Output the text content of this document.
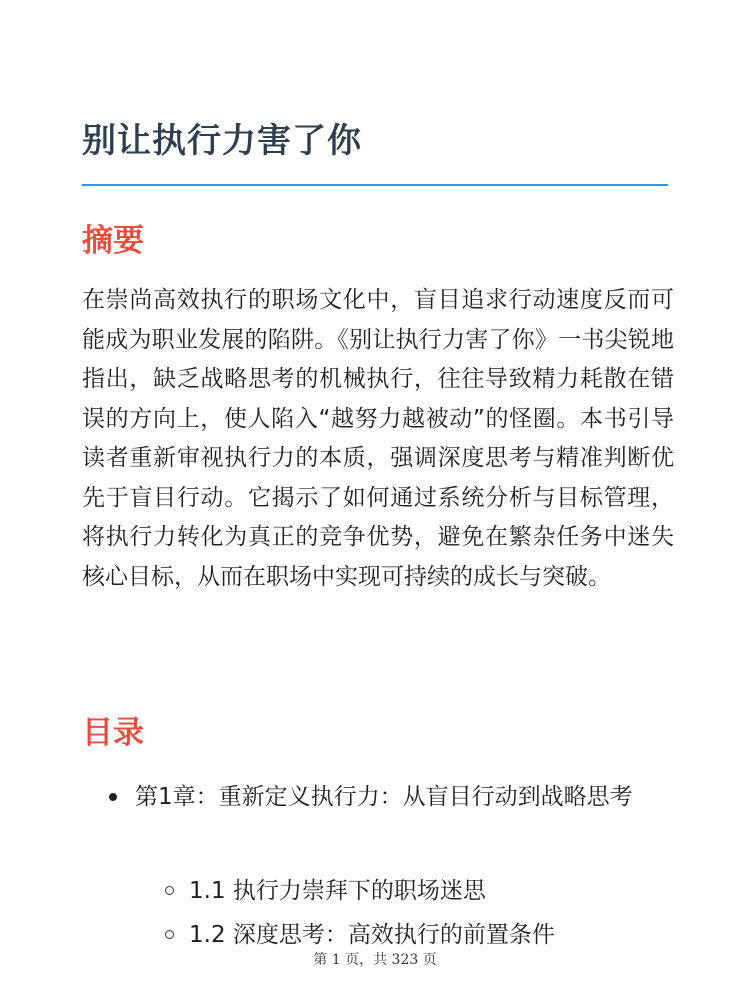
别让执行力害了你
摘要

在崇尚高效执行的职场文化中，盲目追求行动速度反而可能成为职业发展的陷阱。《别让执行力害了你》一书尖锐地指出，缺乏战略思考的机械执行，往往导致精力耗散在错误的方向上，使人陷入“越努力越被动”的怪圈。本书引导读者重新审视执行力的本质，强调深度思考与精准判断优先于盲目行动。它揭示了如何通过系统分析与目标管理，将执行力转化为真正的竞争优势，避免在繁杂任务中迷失核心目标，从而在职场中实现可持续的成长与突破。

目录
第1章：重新定义执行力：从盲目行动到战略思考
1.1 执行力崇拜下的职场迷思
1.2 深度思考：高效执行的前置条件
第 1 页，共 323 页
